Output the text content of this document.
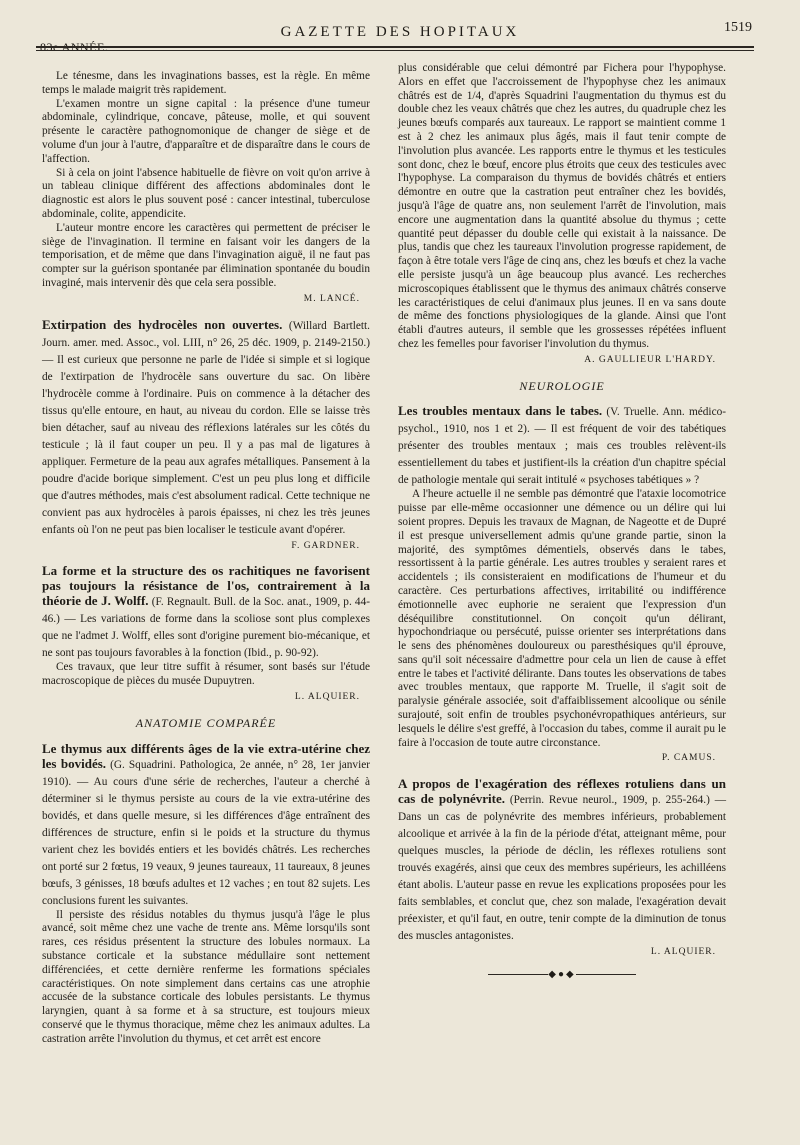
83e ANNÉE.
GAZETTE DES HOPITAUX	1519

Le ténesme, dans les invaginations basses, est la règle. En même temps le malade maigrit très rapidement.

L'examen montre un signe capital : la présence d'une tumeur abdominale, cylindrique, concave, pâteuse, molle, et qui souvent présente le caractère pathognomonique de changer de siège et de volume d'un jour à l'autre, d'apparaître et de disparaître dans le cours de l'affection.

Si à cela on joint l'absence habituelle de fièvre on voit qu'on arrive à un tableau clinique différent des affections abdominales dont le diagnostic est alors le plus souvent posé : cancer intestinal, tuberculose abdominale, colite, appendicite.

L'auteur montre encore les caractères qui permettent de préciser le siège de l'invagination. Il termine en faisant voir les dangers de la temporisation, et de même que dans l'invagination aiguë, il ne faut pas compter sur la guérison spontanée par élimination spontanée du boudin invaginé, mais intervenir dès que cela sera possible.

M. LANCÉ.

Extirpation des hydrocèles non ouvertes. (Willard Bartlett. Journ. amer. med. Assoc., vol. LIII, n° 26, 25 déc. 1909, p. 2149-2150.) — Il est curieux que personne ne parle de l'idée si simple et si logique de l'extirpation de l'hydrocèle sans ouverture du sac. On libère l'hydrocèle comme à l'ordinaire. Puis on commence à la détacher des tissus qu'elle entoure, en haut, au niveau du cordon. Elle se laisse très bien détacher, sauf au niveau des réflexions latérales sur les côtés du testicule ; là il faut couper un peu. Il y a pas mal de ligatures à appliquer. Fermeture de la peau aux agrafes métalliques. Pansement à la poudre d'acide borique simplement. C'est un peu plus long et difficile que d'autres méthodes, mais c'est absolument radical. Cette technique ne convient pas aux hydrocèles à parois épaisses, ni chez les très jeunes enfants où l'on ne peut pas bien localiser le testicule avant d'opérer.

F. GARDNER.

La forme et la structure des os rachitiques ne favorisent pas toujours la résistance de l'os, contrairement à la théorie de J. Wolff. (F. Regnault. Bull. de la Soc. anat., 1909, p. 44-46.) — Les variations de forme dans la scoliose sont plus complexes que ne l'admet J. Wolff, elles sont d'origine purement bio-mécanique, et ne sont pas toujours favorables à la fonction (Ibid., p. 90-92).

Ces travaux, que leur titre suffit à résumer, sont basés sur l'étude macroscopique de pièces du musée Dupuytren.

L. ALQUIER.

ANATOMIE COMPARÉE

Le thymus aux différents âges de la vie extra-utérine chez les bovidés. (G. Squadrini. Pathologica, 2e année, n° 28, 1er janvier 1910). — Au cours d'une série de recherches, l'auteur a cherché à déterminer si le thymus persiste au cours de la vie extra-utérine des bovidés, et dans quelle mesure, si les différences d'âge entraînent des différences de structure, enfin si le poids et la structure du thymus varient chez les bovidés entiers et les bovidés châtrés. Les recherches ont porté sur 2 fœtus, 19 veaux, 9 jeunes taureaux, 11 taureaux, 8 jeunes bœufs, 3 génisses, 18 bœufs adultes et 12 vaches ; en tout 82 sujets. Les conclusions furent les suivantes.

Il persiste des résidus notables du thymus jusqu'à l'âge le plus avancé, soit même chez une vache de trente ans. Même lorsqu'ils sont rares, ces résidus présentent la structure des lobules normaux. La substance corticale et la substance médullaire sont nettement différenciées, et cette dernière renferme les formations spéciales caractéristiques. On note simplement dans certains cas une atrophie accusée de la substance corticale des lobules persistants. Le thymus laryngien, quant à sa forme et à sa structure, est toujours mieux conservé que le thymus thoracique, même chez les animaux adultes. La castration arrête l'involution du thymus, et cet arrêt est encore

plus considérable que celui démontré par Fichera pour l'hypophyse. Alors en effet que l'accroissement de l'hypophyse chez les animaux châtrés est de 1/4, d'après Squadrini l'augmentation du thymus est du double chez les veaux châtrés que chez les autres, du quadruple chez les jeunes bœufs comparés aux taureaux. Le rapport se maintient comme 1 est à 2 chez les animaux plus âgés, mais il faut tenir compte de l'involution plus avancée. Les rapports entre le thymus et les testicules sont donc, chez le bœuf, encore plus étroits que ceux des testicules avec l'hypophyse. La comparaison du thymus de bovidés châtrés et entiers démontre en outre que la castration peut entraîner chez les bovidés, jusqu'à l'âge de quatre ans, non seulement l'arrêt de l'involution, mais encore une augmentation dans la quantité absolue du thymus ; cette quantité peut dépasser du double celle qui existait à la naissance. De plus, tandis que chez les taureaux l'involution progresse rapidement, de façon à être totale vers l'âge de cinq ans, chez les bœufs et chez la vache elle persiste jusqu'à un âge beaucoup plus avancé. Les recherches microscopiques établissent que le thymus des animaux châtrés conserve les caractéristiques de celui d'animaux plus jeunes. Il en va sans doute de même des fonctions physiologiques de la glande. Ainsi que l'ont établi d'autres auteurs, il semble que les grossesses répétées influent chez les femelles pour favoriser l'involution du thymus.

A. GAULLIEUR L'HARDY.

NEUROLOGIE

Les troubles mentaux dans le tabes. (V. Truelle. Ann. médico-psychol., 1910, nos 1 et 2). — Il est fréquent de voir des tabétiques présenter des troubles mentaux ; mais ces troubles relèvent-ils essentiellement du tabes et justifient-ils la création d'un chapitre spécial de pathologie mentale qui serait intitulé « psychoses tabétiques » ?

A l'heure actuelle il ne semble pas démontré que l'ataxie locomotrice puisse par elle-même occasionner une démence ou un délire qui lui soient propres. Depuis les travaux de Magnan, de Nageotte et de Dupré il est presque universellement admis qu'une grande partie, sinon la majorité, des symptômes démentiels, observés dans le tabes, ressortissent à la partie générale. Les autres troubles y seraient rares et accidentels ; ils consisteraient en modifications de l'humeur et du caractère. Ces perturbations affectives, irritabilité ou indifférence émotionnelle avec euphorie ne seraient que l'expression d'un déséquilibre constitutionnel. On conçoit qu'un délirant, hypochondriaque ou persécuté, puisse orienter ses interprétations dans le sens des phénomènes douloureux ou paresthésiques qu'il éprouve, sans qu'il soit nécessaire d'admettre pour cela un lien de cause à effet entre le tabes et l'activité délirante. Dans toutes les observations de tabes avec troubles mentaux, que rapporte M. Truelle, il s'agit soit de paralysie générale associée, soit d'affaiblissement alcoolique ou sénile surajouté, soit enfin de troubles psychonévropathiques antérieurs, sur lesquels le délire s'est greffé, à l'occasion du tabes, comme il aurait pu le faire à l'occasion de toute autre circonstance.

P. CAMUS.

A propos de l'exagération des réflexes rotuliens dans un cas de polynévrite. (Perrin. Revue neurol., 1909, p. 255-264.) — Dans un cas de polynévrite des membres inférieurs, probablement alcoolique et arrivée à la fin de la période d'état, atteignant même, pour quelques muscles, la période de déclin, les réflexes rotuliens sont trouvés exagérés, ainsi que ceux des membres supérieurs, les achilléens étant abolis. L'auteur passe en revue les explications proposées pour les faits semblables, et conclut que, chez son malade, l'exagération devait préexister, et qu'il faut, en outre, tenir compte de la diminution de tonus des muscles antagonistes.

L. ALQUIER.

◆●◆
